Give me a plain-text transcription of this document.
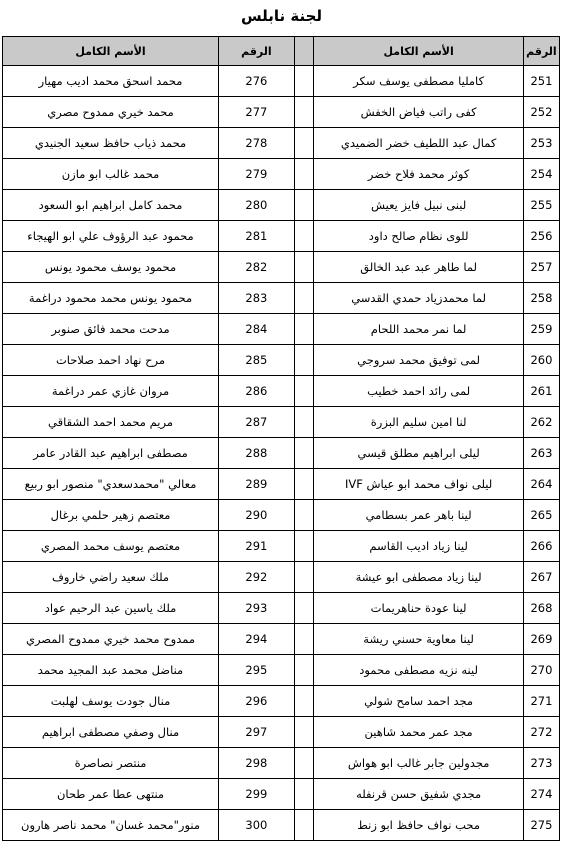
لجنة نابلس
الرقم	الأسم الكامل		الرقم	الأسم الكامل
251	كامليا مصطفى يوسف سكر		276	محمد اسحق محمد اديب مهيار
252	كفى راتب فياض الخفش		277	محمد خيري ممدوح مصري
253	كمال عبد اللطيف خضر الضميدي		278	محمد ذياب حافظ سعيد الجنيدي
254	كوثر محمد فلاح خضر		279	محمد غالب ابو مازن
255	لبنى نبيل فايز يعيش		280	محمد كامل ابراهيم ابو السعود
256	للوى نظام صالح داود		281	محمود عبد الرؤوف علي ابو الهيجاء
257	لما طاهر عبد عبد الخالق		282	محمود يوسف محمود يونس
258	لما محمدزياد حمدي القدسي		283	محمود يونس محمد محمود دراغمة
259	لما نمر محمد اللحام		284	مدحت محمد فائق صنوبر
260	لمى توفيق محمد سروجي		285	مرح نهاد احمد صلاحات
261	لمى رائد احمد خطيب		286	مروان غازي عمر دراغمة
262	لنا امين سليم البزرة		287	مريم محمد احمد الشقاقي
263	ليلى ابراهيم مطلق قيسي		288	مصطفى ابراهيم عبد القادر عامر
264	ليلى نواف محمد ابو عياش IVF		289	معالي "محمدسعدي" منصور ابو ربيع
265	لينا باهر عمر بسطامي		290	معتصم زهير حلمي برغال
266	لينا زياد اديب القاسم		291	معتصم يوسف محمد المصري
267	لينا زياد مصطفى ابو عيشة		292	ملك سعيد راضي خاروف
268	لينا عودة حناهريمات		293	ملك ياسين عبد الرحيم عواد
269	لينا معاوية حسني ريشة		294	ممدوح محمد خيري ممدوح المصري
270	لينه نزيه مصطفى محمود		295	مناضل محمد عبد المجيد محمد
271	مجد احمد سامح شولي		296	منال جودت يوسف لهلبت
272	مجد عمر محمد شاهين		297	منال وصفي مصطفى ابراهيم
273	مجدولين جابر غالب ابو هواش		298	منتصر نصاصرة
274	مجدي شفيق حسن قرنفله		299	منتهى عطا عمر طحان
275	محب نواف حافظ ابو زنط		300	منور"محمد غسان" محمد ناصر هارون
